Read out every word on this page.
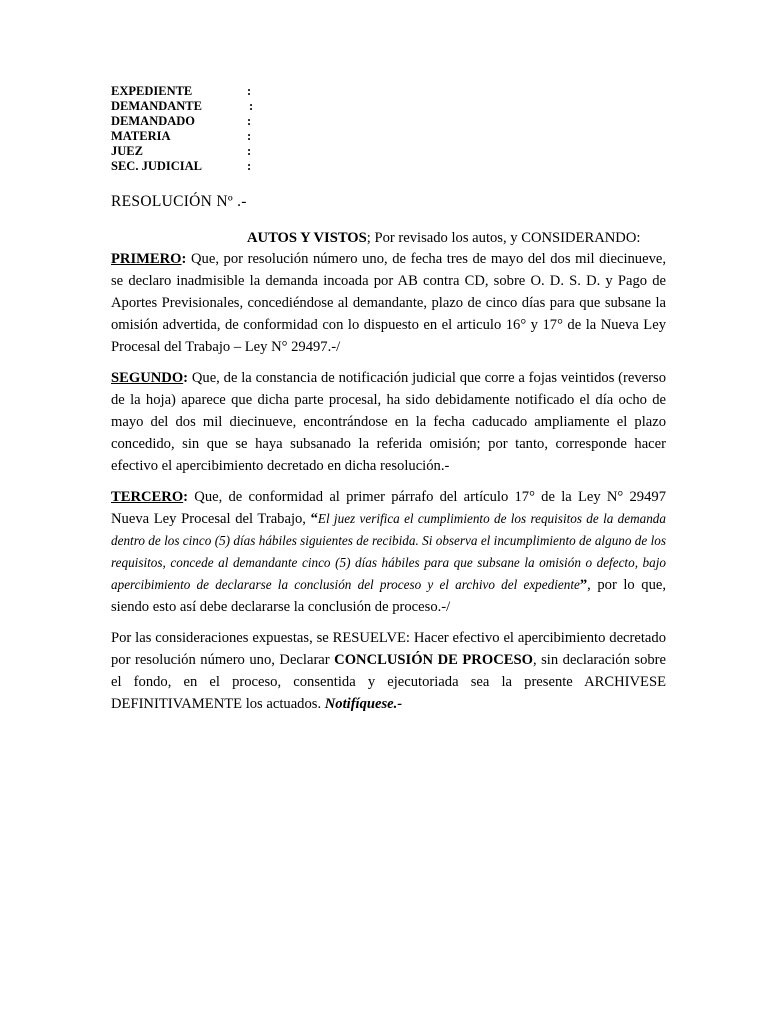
EXPEDIENTE	:
DEMANDANTE	:
DEMANDADO	:
MATERIA	:
JUEZ	:
SEC. JUDICIAL	:
RESOLUCIÓN Nº .-
AUTOS Y VISTOS; Por revisado los autos, y CONSIDERANDO:

PRIMERO: Que, por resolución número uno, de fecha tres de mayo del dos mil diecinueve, se declaro inadmisible la demanda incoada por AB contra CD, sobre O. D. S. D. y Pago de Aportes Previsionales, concediéndose al demandante, plazo de cinco días para que subsane la omisión advertida, de conformidad con lo dispuesto en el articulo 16° y 17° de la Nueva Ley Procesal del Trabajo – Ley N° 29497.-/

SEGUNDO: Que, de la constancia de notificación judicial que corre a fojas veintidos (reverso de la hoja) aparece que dicha parte procesal, ha sido debidamente notificado el día ocho de mayo del dos mil diecinueve, encontrándose en la fecha caducado ampliamente el plazo concedido, sin que se haya subsanado la referida omisión; por tanto, corresponde hacer efectivo el apercibimiento decretado en dicha resolución.-

TERCERO: Que, de conformidad al primer párrafo del artículo 17° de la Ley N° 29497 Nueva Ley Procesal del Trabajo, “El juez verifica el cumplimiento de los requisitos de la demanda dentro de los cinco (5) días hábiles siguientes de recibida. Si observa el incumplimiento de alguno de los requisitos, concede al demandante cinco (5) días hábiles para que subsane la omisión o defecto, bajo apercibimiento de declararse la conclusión del proceso y el archivo del expediente”, por lo que, siendo esto así debe declararse la conclusión de proceso.-/

Por las consideraciones expuestas, se RESUELVE: Hacer efectivo el apercibimiento decretado por resolución número uno, Declarar CONCLUSIÓN DE PROCESO, sin declaración sobre el fondo, en el proceso, consentida y ejecutoriada sea la presente ARCHIVESE DEFINITIVAMENTE los actuados. Notifíquese.-
